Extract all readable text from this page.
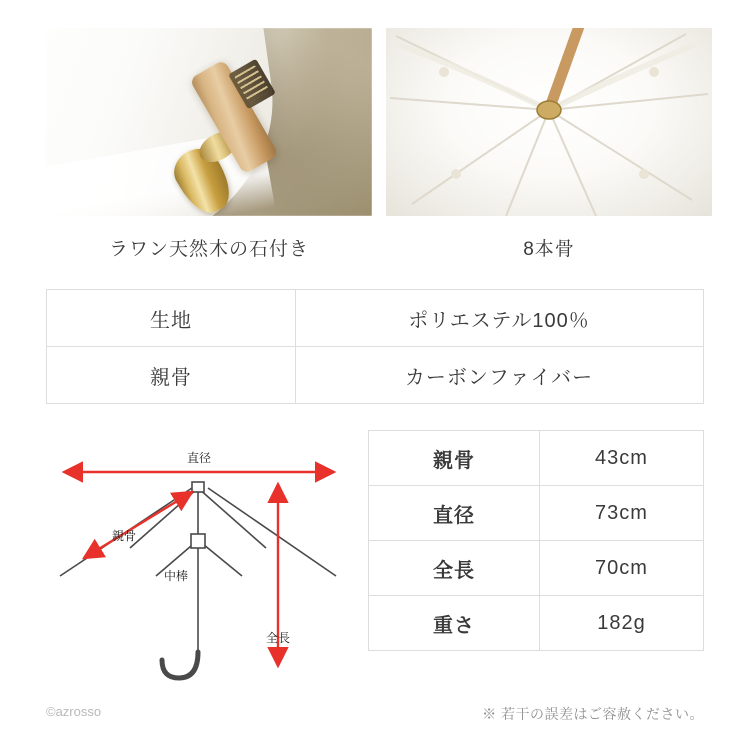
ラワン天然木の石付き	8本骨
生地	ポリエステル100％
親骨	カーボンファイバー
直径
親骨
全長
中棒
親骨	43cm
直径	73cm
全長	70cm
重さ	182g
©azrosso	※ 若干の誤差はご容赦ください。
